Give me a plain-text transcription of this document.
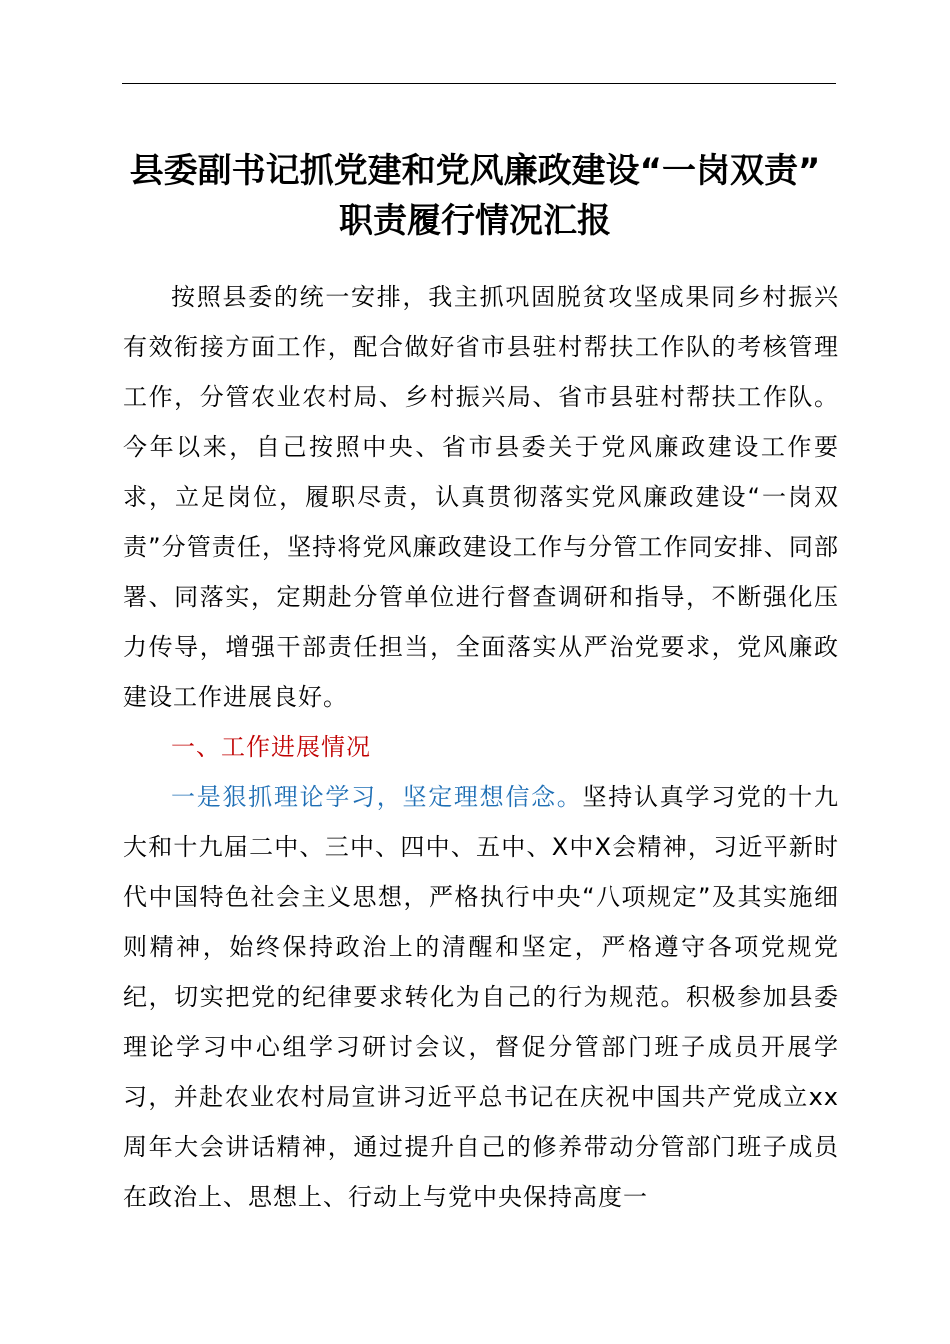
县委副书记抓党建和党风廉政建设“一岗双责”
职责履行情况汇报

按照县委的统一安排，我主抓巩固脱贫攻坚成果同乡村振兴有效衔接方面工作，配合做好省市县驻村帮扶工作队的考核管理工作，分管农业农村局、乡村振兴局、省市县驻村帮扶工作队。今年以来，自己按照中央、省市县委关于党风廉政建设工作要求，立足岗位，履职尽责，认真贯彻落实党风廉政建设“一岗双责”分管责任，坚持将党风廉政建设工作与分管工作同安排、同部署、同落实，定期赴分管单位进行督查调研和指导，不断强化压力传导，增强干部责任担当，全面落实从严治党要求，党风廉政建设工作进展良好。

一、工作进展情况

一是狠抓理论学习，坚定理想信念。坚持认真学习党的十九大和十九届二中、三中、四中、五中、X中X会精神，习近平新时代中国特色社会主义思想，严格执行中央“八项规定”及其实施细则精神，始终保持政治上的清醒和坚定，严格遵守各项党规党纪，切实把党的纪律要求转化为自己的行为规范。积极参加县委理论学习中心组学习研讨会议，督促分管部门班子成员开展学习，并赴农业农村局宣讲习近平总书记在庆祝中国共产党成立xx周年大会讲话精神，通过提升自己的修养带动分管部门班子成员在政治上、思想上、行动上与党中央保持高度一
